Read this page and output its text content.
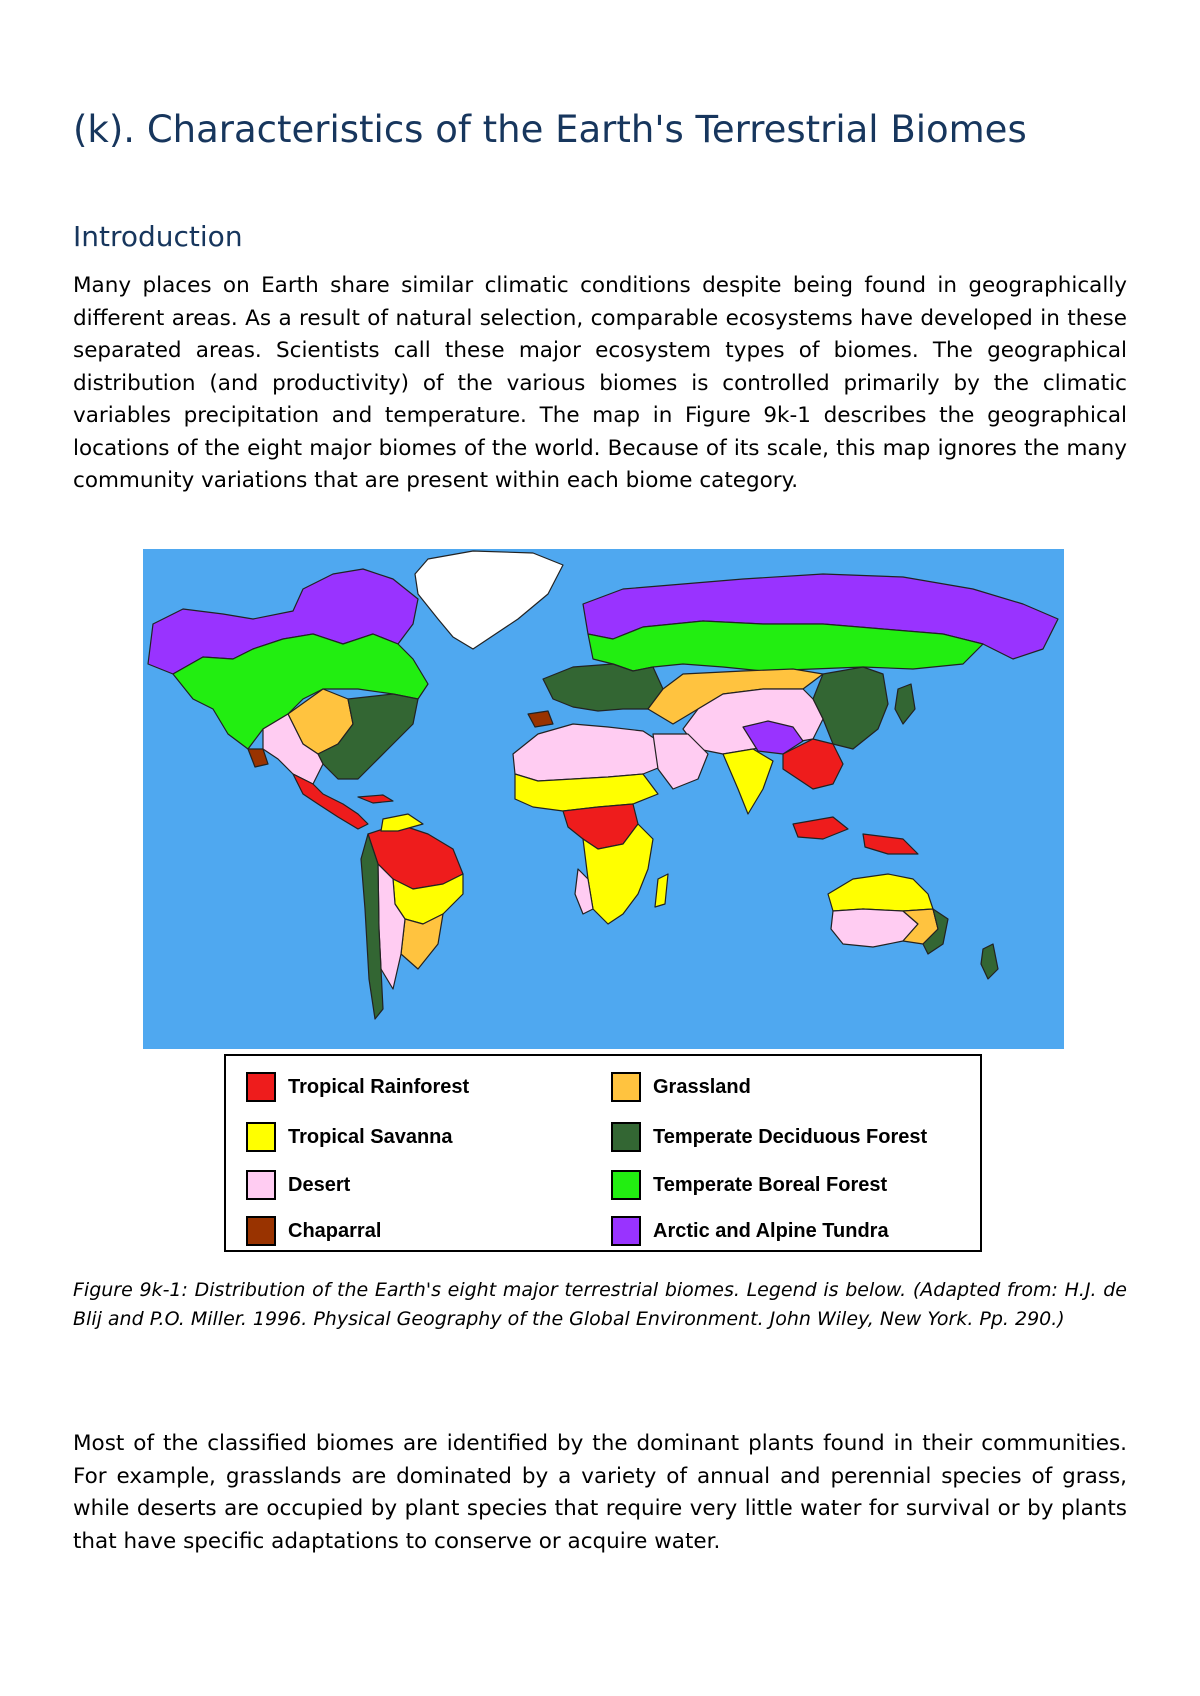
(k). Characteristics of the Earth's Terrestrial Biomes
Introduction

Many places on Earth share similar climatic conditions despite being found in geographically different areas. As a result of natural selection, comparable ecosystems have developed in these separated areas. Scientists call these major ecosystem types of biomes. The geographical distribution (and productivity) of the various biomes is controlled primarily by the climatic variables precipitation and temperature. The map in Figure 9k-1 describes the geographical locations of the eight major biomes of the world. Because of its scale, this map ignores the many community variations that are present within each biome category.

Tropical Rainforest
Tropical Savanna
Desert
Chaparral
Grassland
Temperate Deciduous Forest
Temperate Boreal Forest
Arctic and Alpine Tundra

Figure 9k-1: Distribution of the Earth's eight major terrestrial biomes. Legend is below. (Adapted from: H.J. de Blij and P.O. Miller. 1996. Physical Geography of the Global Environment. John Wiley, New York. Pp. 290.)

Most of the classified biomes are identified by the dominant plants found in their communities. For example, grasslands are dominated by a variety of annual and perennial species of grass, while deserts are occupied by plant species that require very little water for survival or by plants that have specific adaptations to conserve or acquire water.
